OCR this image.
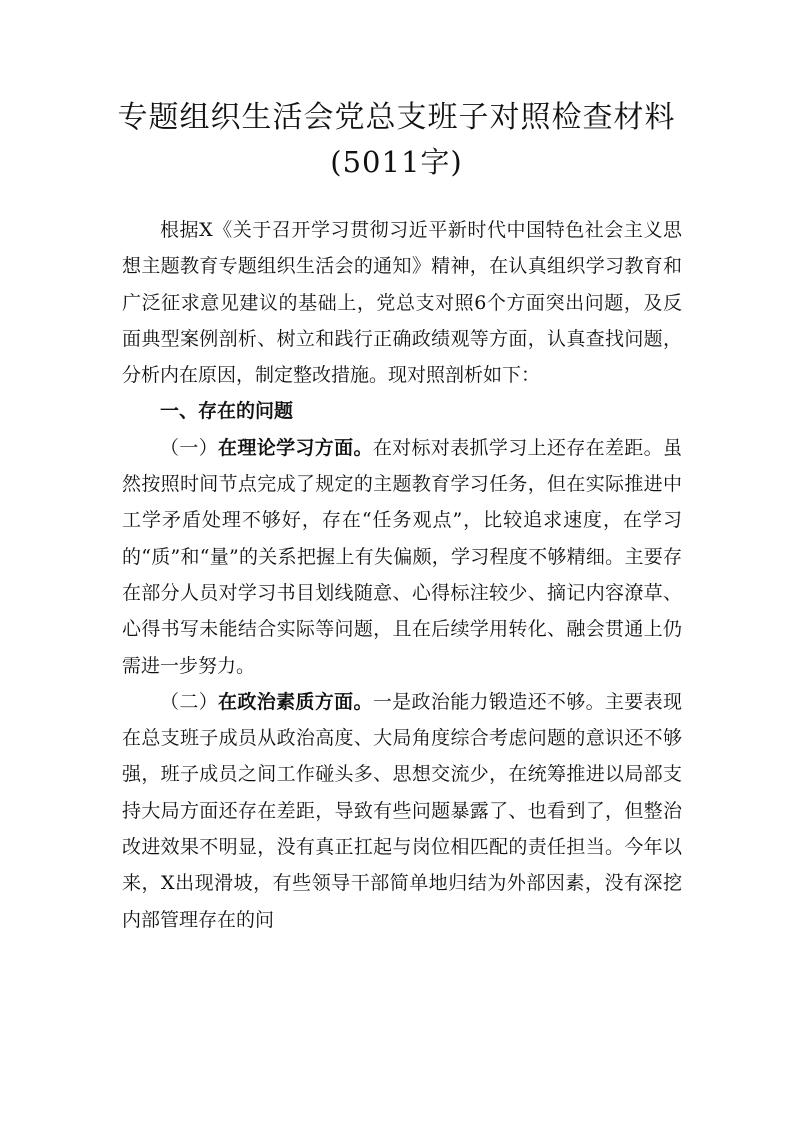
专题组织生活会党总支班子对照检查材料
(5011字)

根据X《关于召开学习贯彻习近平新时代中国特色社会主义思想主题教育专题组织生活会的通知》精神，在认真组织学习教育和广泛征求意见建议的基础上，党总支对照6个方面突出问题，及反面典型案例剖析、树立和践行正确政绩观等方面，认真查找问题，分析内在原因，制定整改措施。现对照剖析如下：

一、存在的问题

（一）在理论学习方面。在对标对表抓学习上还存在差距。虽然按照时间节点完成了规定的主题教育学习任务，但在实际推进中工学矛盾处理不够好，存在“任务观点”，比较追求速度，在学习的“质”和“量”的关系把握上有失偏颇，学习程度不够精细。主要存在部分人员对学习书目划线随意、心得标注较少、摘记内容潦草、心得书写未能结合实际等问题，且在后续学用转化、融会贯通上仍需进一步努力。

（二）在政治素质方面。一是政治能力锻造还不够。主要表现在总支班子成员从政治高度、大局角度综合考虑问题的意识还不够强，班子成员之间工作碰头多、思想交流少，在统筹推进以局部支持大局方面还存在差距，导致有些问题暴露了、也看到了，但整治改进效果不明显，没有真正扛起与岗位相匹配的责任担当。今年以来，X出现滑坡，有些领导干部简单地归结为外部因素，没有深挖内部管理存在的问
